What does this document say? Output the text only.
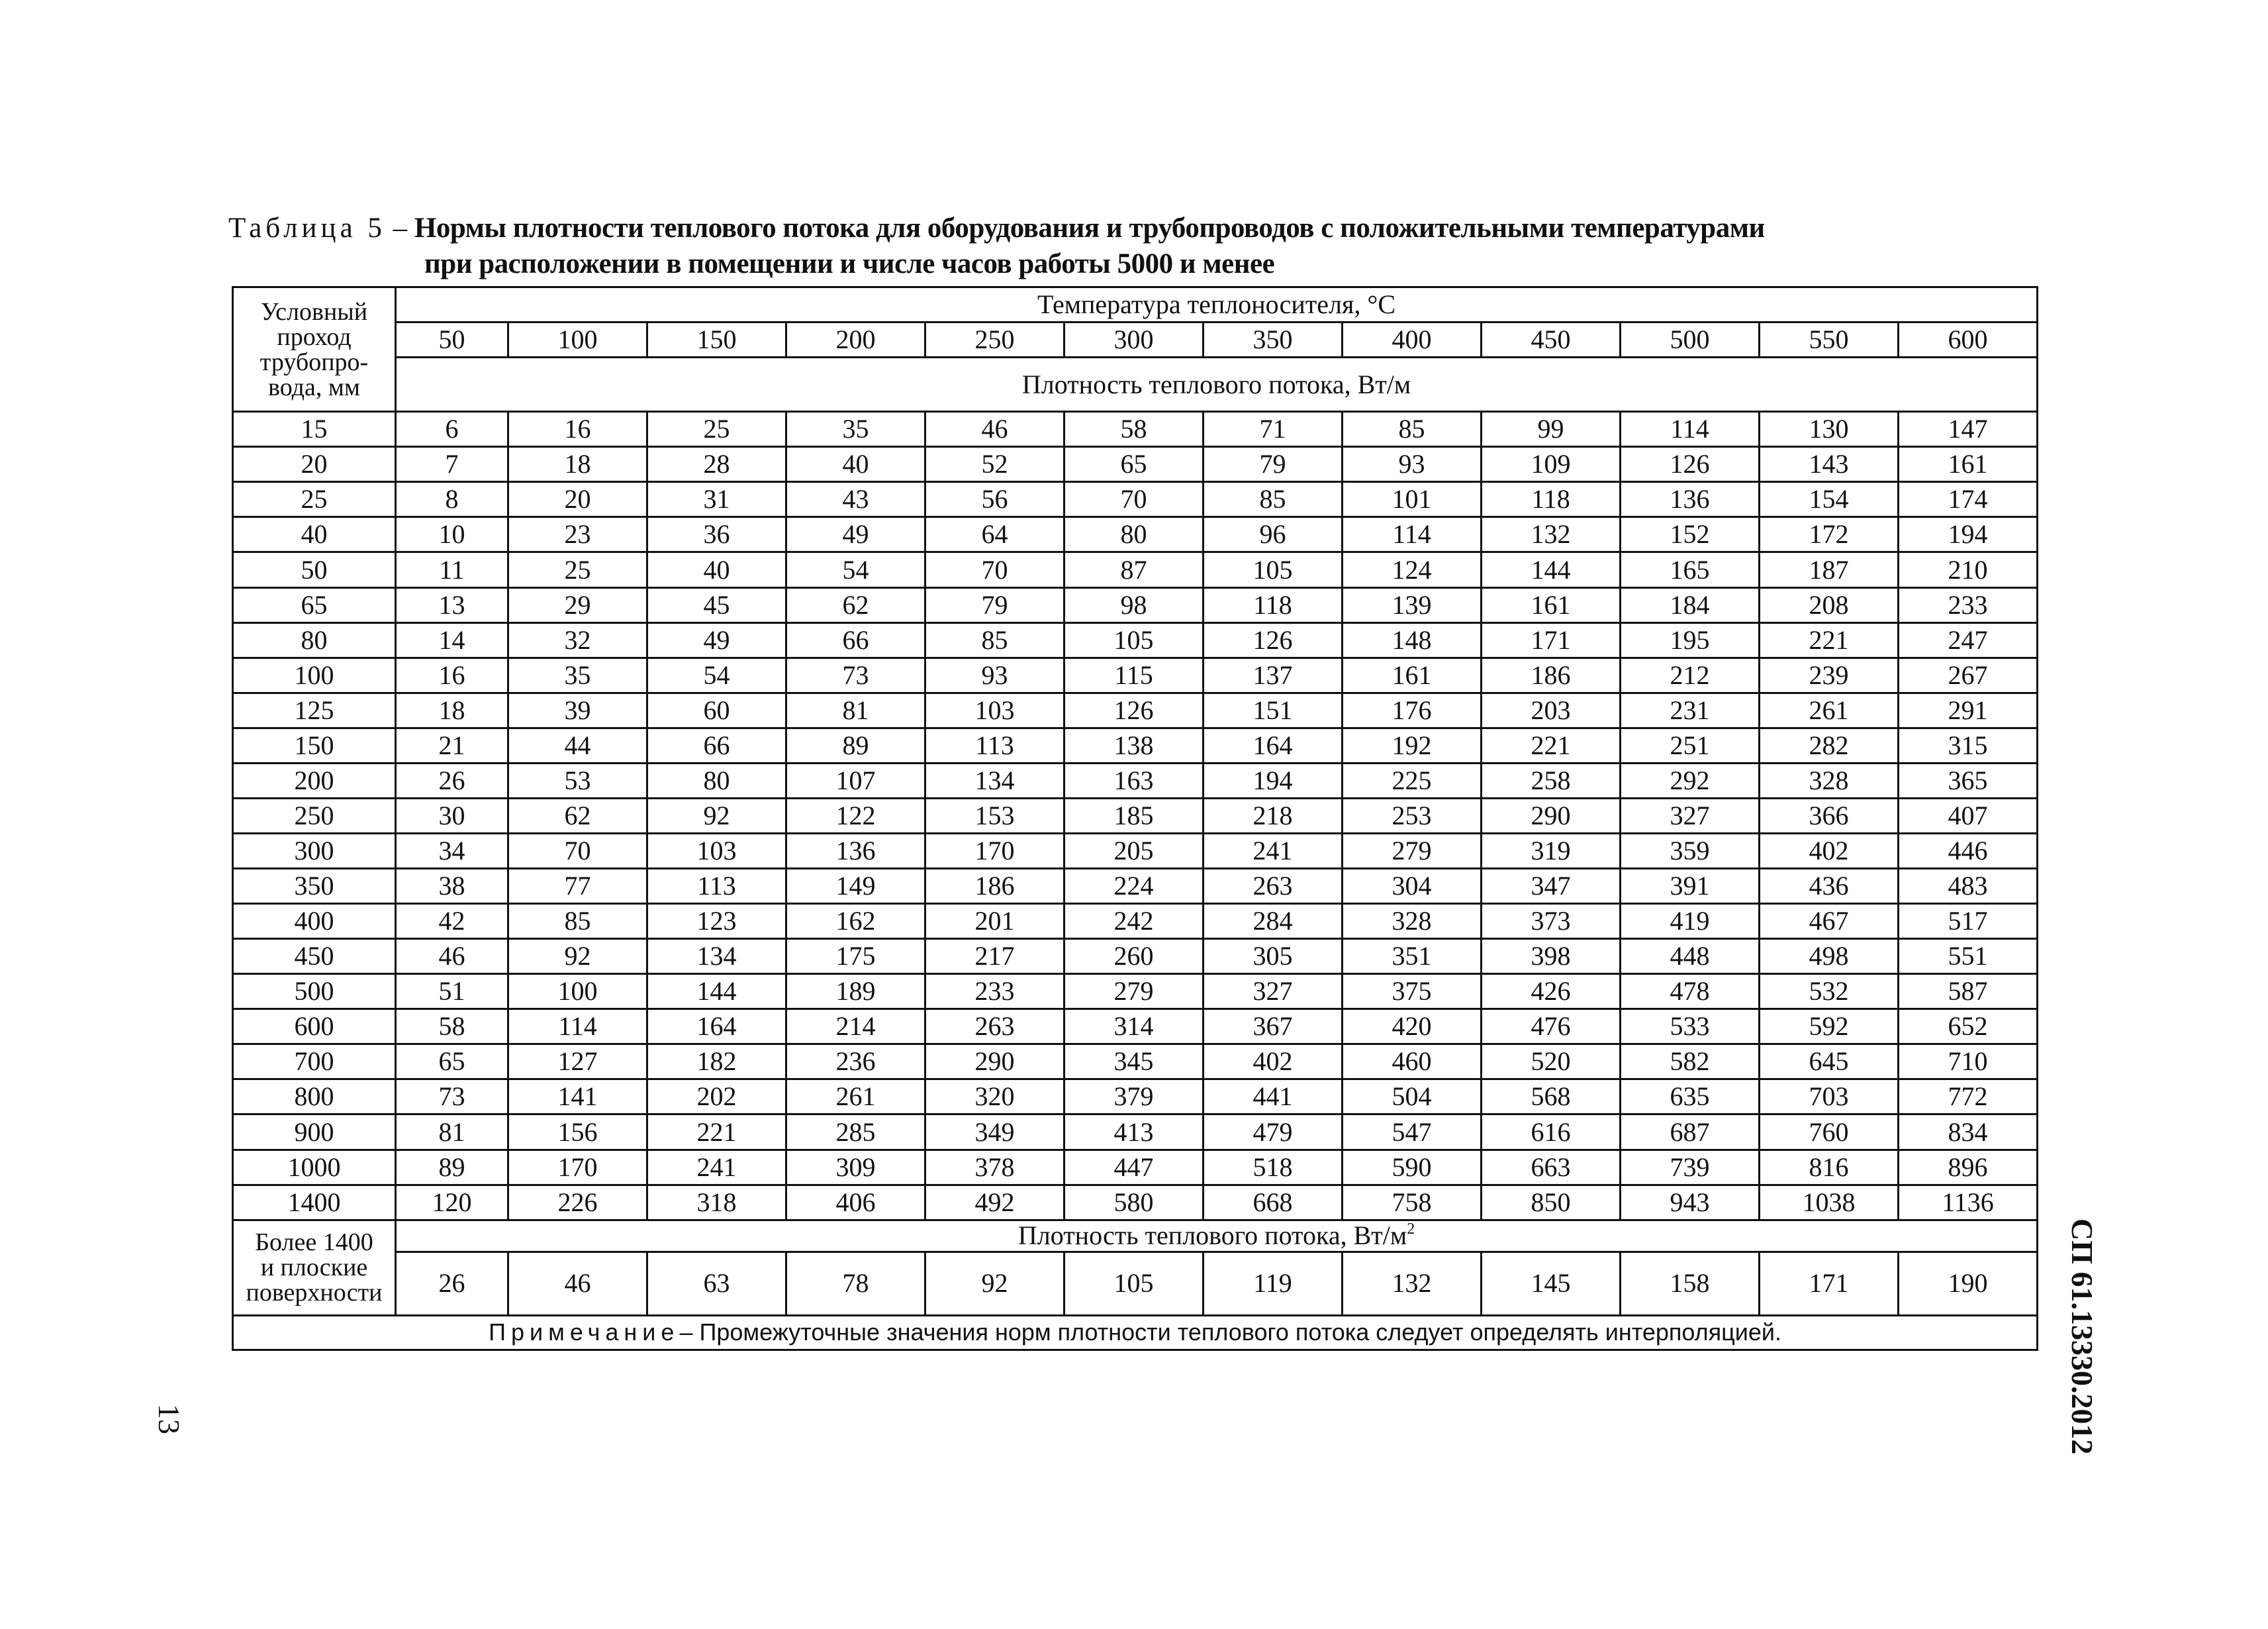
Таблица 5 – Нормы плотности теплового потока для оборудования и трубопроводов с положительными температурами
при расположении в помещении и числе часов работы 5000 и менее
Условный
проход
трубопро-
вода, мм	Температура теплоносителя, °С											
	50	100	150	200	250	300	350	400	450	500	550	600
	Плотность теплового потока, Вт/м											
15	6	16	25	35	46	58	71	85	99	114	130	147
20	7	18	28	40	52	65	79	93	109	126	143	161
25	8	20	31	43	56	70	85	101	118	136	154	174
40	10	23	36	49	64	80	96	114	132	152	172	194
50	11	25	40	54	70	87	105	124	144	165	187	210
65	13	29	45	62	79	98	118	139	161	184	208	233
80	14	32	49	66	85	105	126	148	171	195	221	247
100	16	35	54	73	93	115	137	161	186	212	239	267
125	18	39	60	81	103	126	151	176	203	231	261	291
150	21	44	66	89	113	138	164	192	221	251	282	315
200	26	53	80	107	134	163	194	225	258	292	328	365
250	30	62	92	122	153	185	218	253	290	327	366	407
300	34	70	103	136	170	205	241	279	319	359	402	446
350	38	77	113	149	186	224	263	304	347	391	436	483
400	42	85	123	162	201	242	284	328	373	419	467	517
450	46	92	134	175	217	260	305	351	398	448	498	551
500	51	100	144	189	233	279	327	375	426	478	532	587
600	58	114	164	214	263	314	367	420	476	533	592	652
700	65	127	182	236	290	345	402	460	520	582	645	710
800	73	141	202	261	320	379	441	504	568	635	703	772
900	81	156	221	285	349	413	479	547	616	687	760	834
1000	89	170	241	309	378	447	518	590	663	739	816	896
1400	120	226	318	406	492	580	668	758	850	943	1038	1136

Более 1400
и плоские
поверхности	Плотность теплового потока, $Вт/м^2$
	26	46	63	78	92	105	119	132	145	158	171	190
Примечание– Промежуточные значения норм плотности теплового потока следует определять интерполяцией.													СП 61.13330.2012
13
